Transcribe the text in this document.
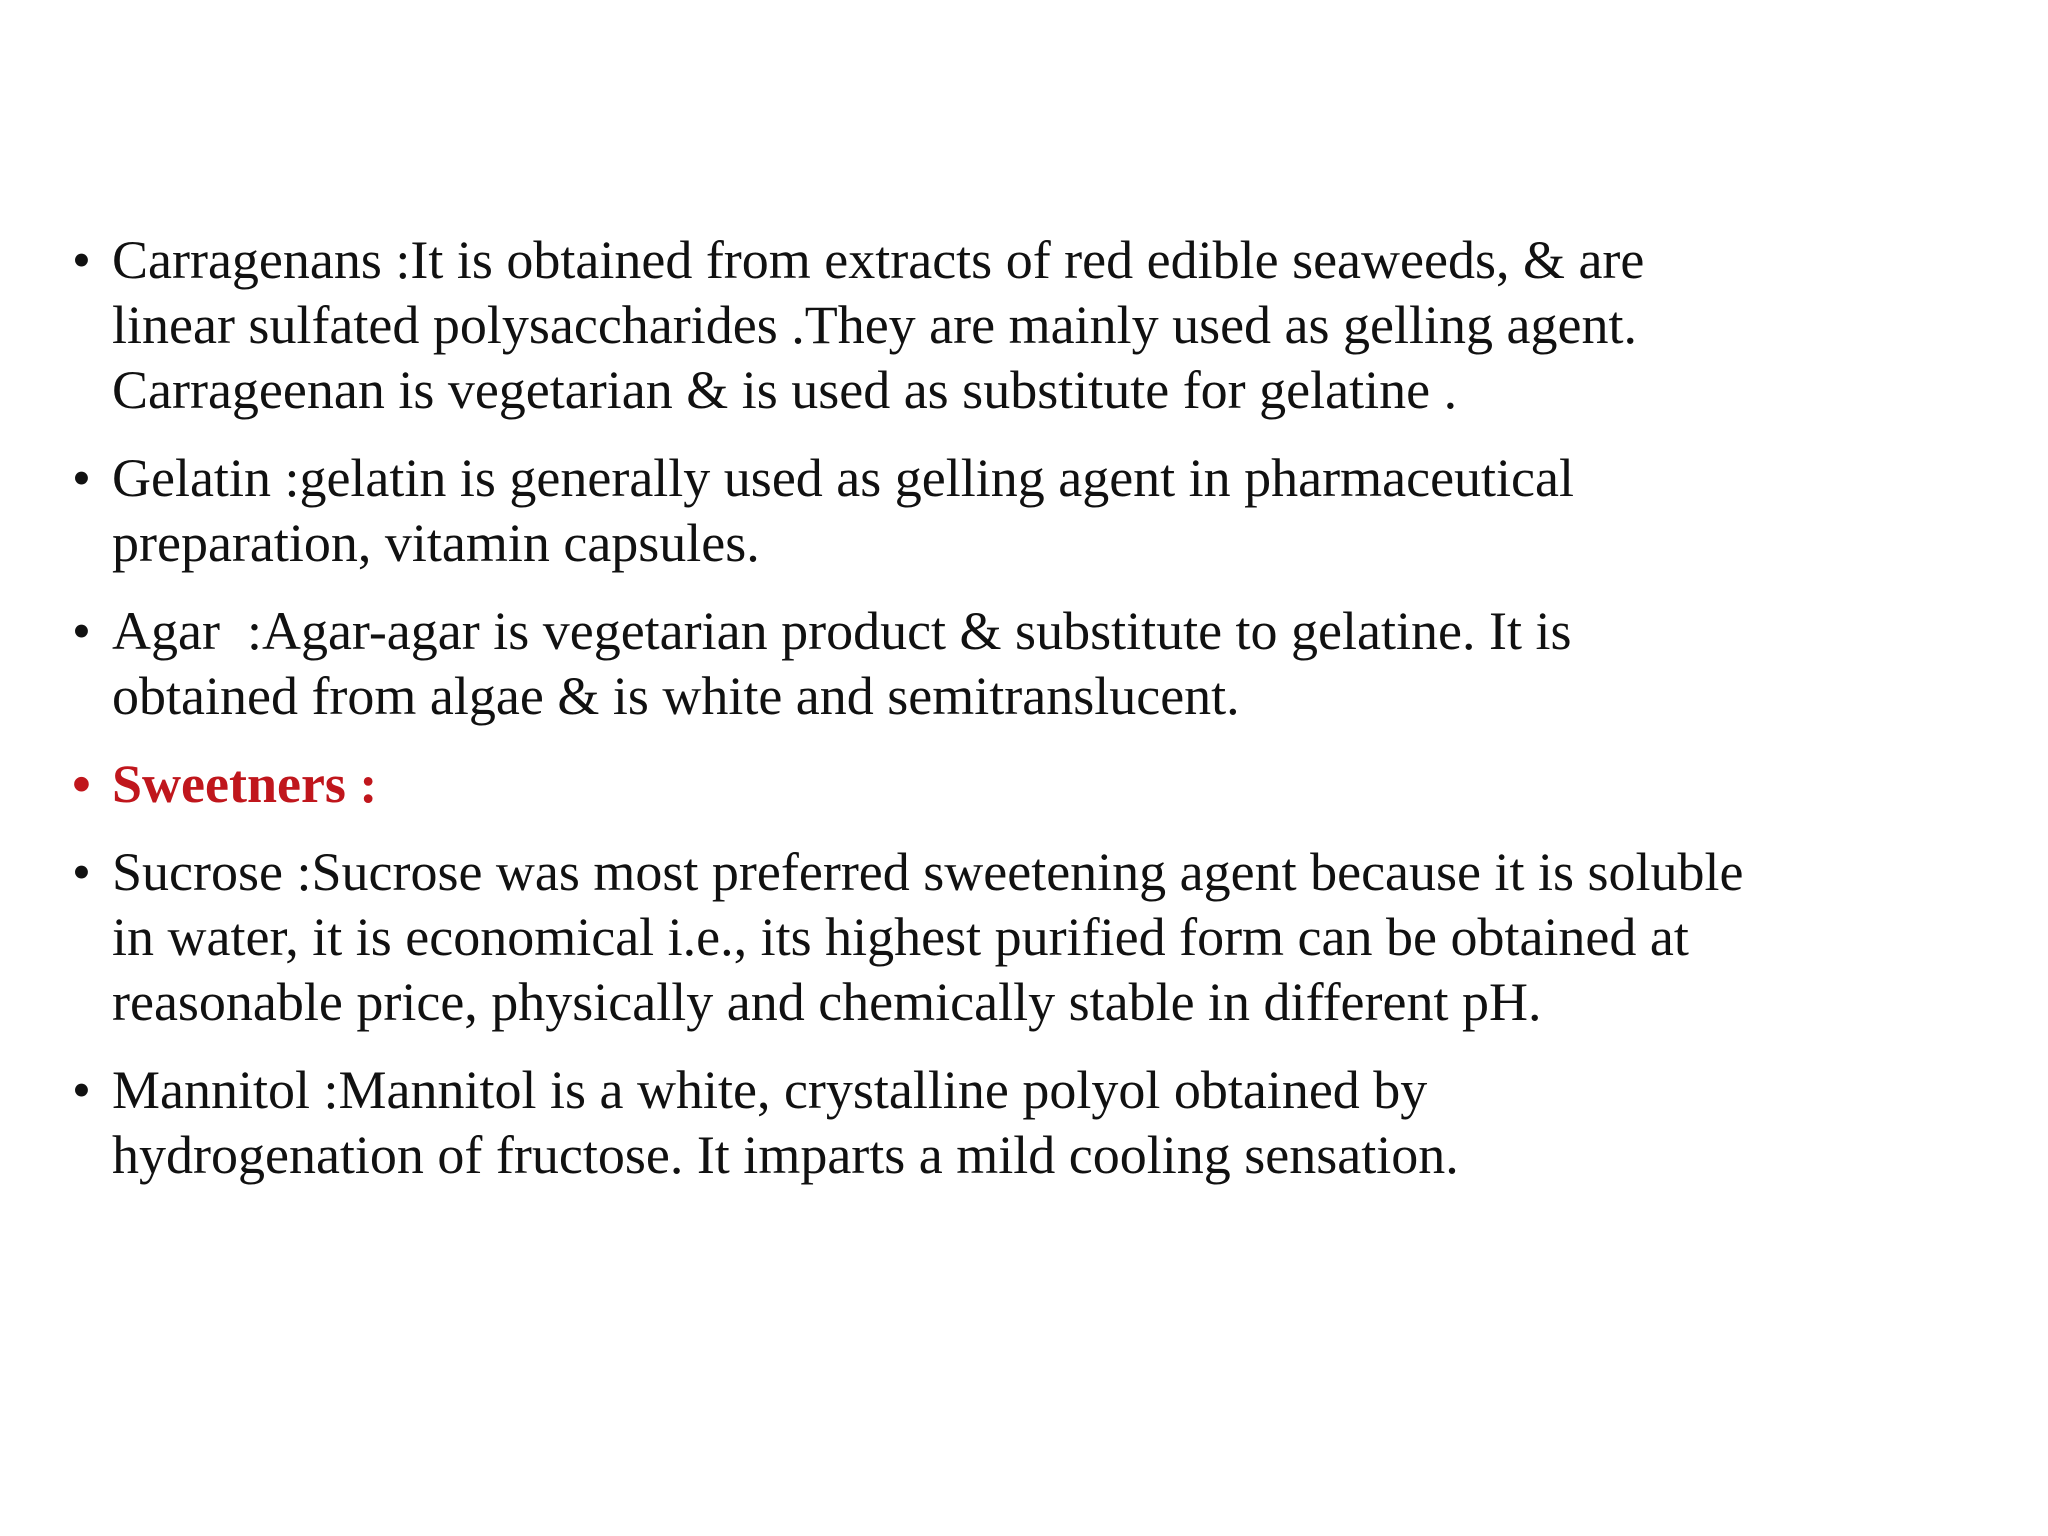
• Carragenans :It is obtained from extracts of red edible seaweeds, & are
linear sulfated polysaccharides .They are mainly used as gelling agent.
Carrageenan is vegetarian & is used as substitute for gelatine .
• Gelatin :gelatin is generally used as gelling agent in pharmaceutical
preparation, vitamin capsules.
• Agar  :Agar-agar is vegetarian product & substitute to gelatine. It is
obtained from algae & is white and semitranslucent.
• Sweetners :
• Sucrose :Sucrose was most preferred sweetening agent because it is soluble
in water, it is economical i.e., its highest purified form can be obtained at
reasonable price, physically and chemically stable in different pH.
• Mannitol :Mannitol is a white, crystalline polyol obtained by
hydrogenation of fructose. It imparts a mild cooling sensation.
